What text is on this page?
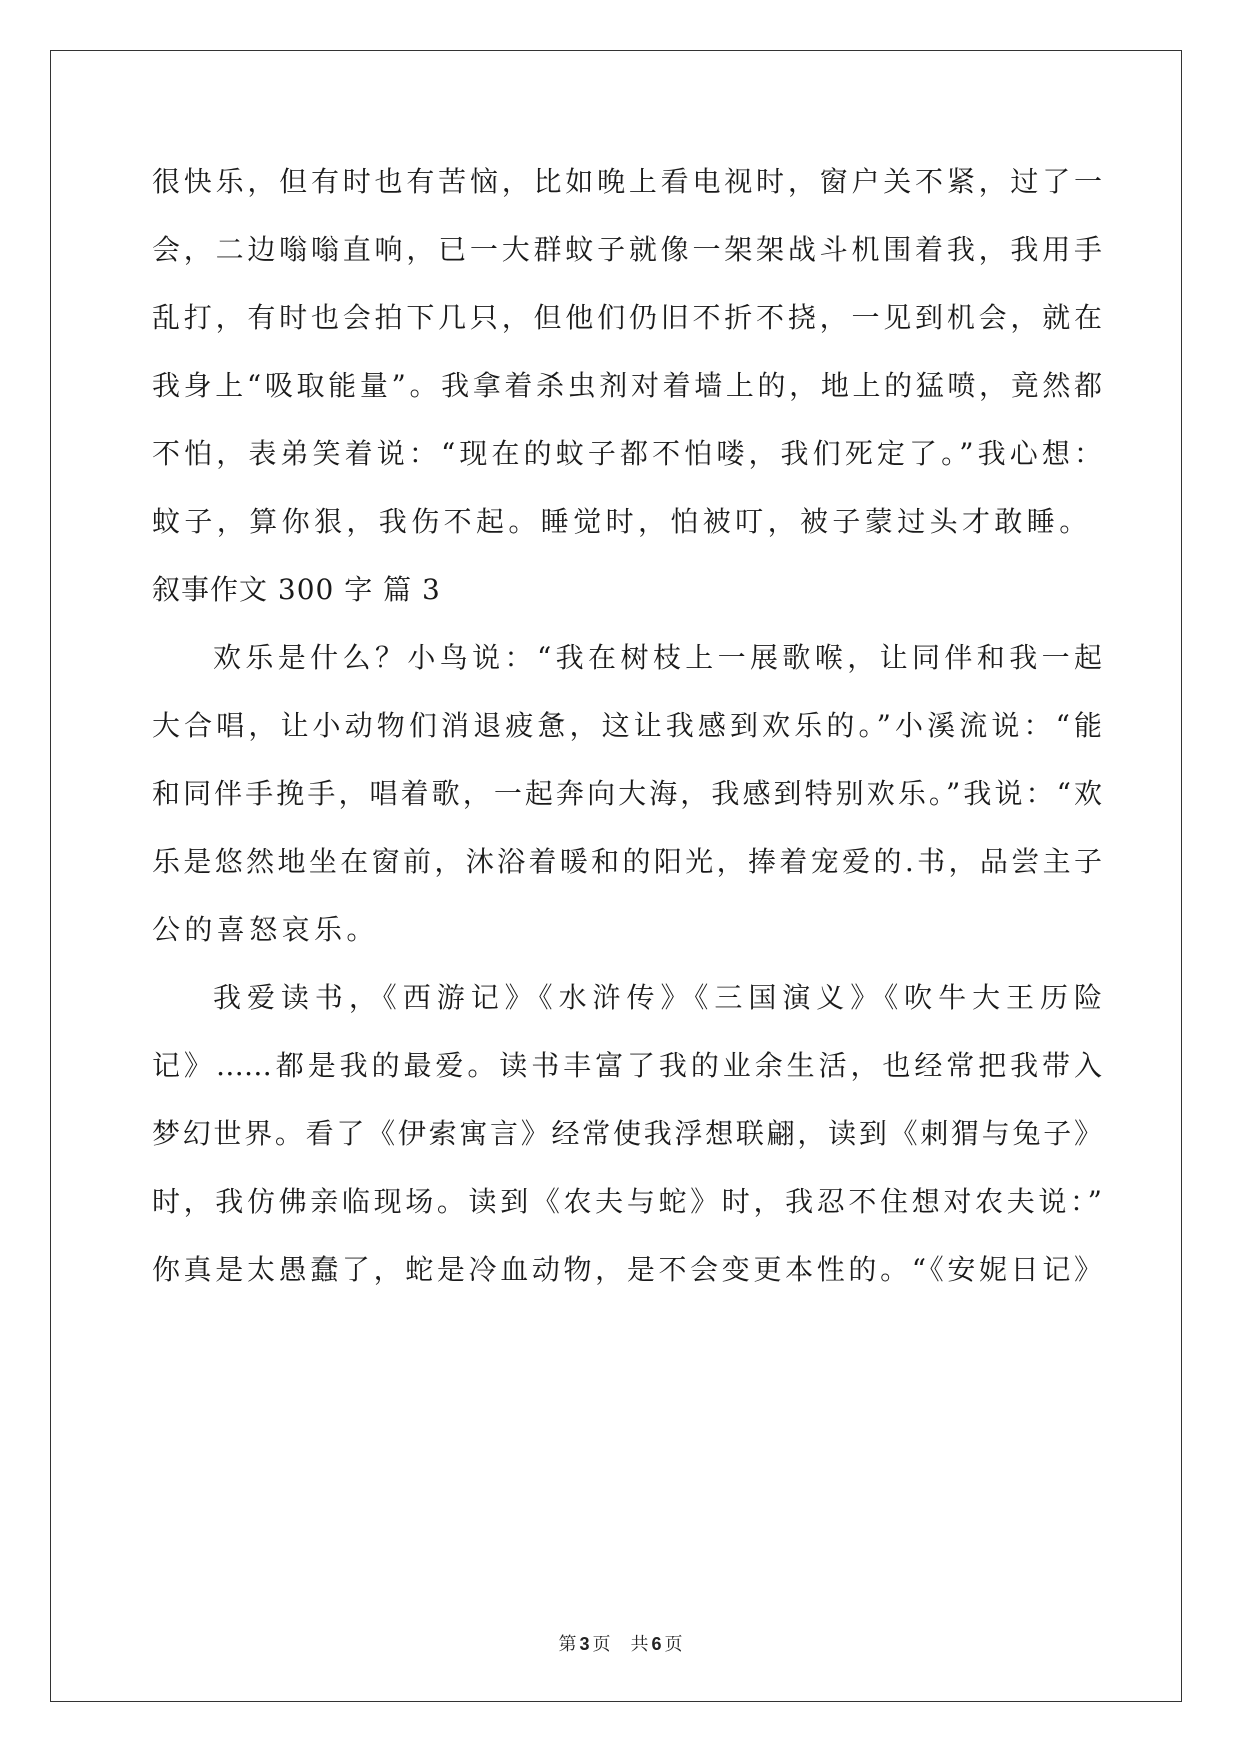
很快乐，但有时也有苦恼，比如晚上看电视时，窗户关不紧，过了一
会，二边嗡嗡直响，已一大群蚊子就像一架架战斗机围着我，我用手
乱打，有时也会拍下几只，但他们仍旧不折不挠，一见到机会，就在
我身上“吸取能量”。我拿着杀虫剂对着墙上的，地上的猛喷，竟然都
不怕，表弟笑着说：“现在的蚊子都不怕喽，我们死定了。”我心想：
蚊子，算你狠，我伤不起。睡觉时，怕被叮，被子蒙过头才敢睡。
叙事作文 300 字 篇 3
欢乐是什么？小鸟说：“我在树枝上一展歌喉，让同伴和我一起
大合唱，让小动物们消退疲惫，这让我感到欢乐的。”小溪流说：“能
和同伴手挽手，唱着歌，一起奔向大海，我感到特别欢乐。”我说：“欢
乐是悠然地坐在窗前，沐浴着暖和的阳光，捧着宠爱的.书，品尝主子
公的喜怒哀乐。
我爱读书，《西游记》《水浒传》《三国演义》《吹牛大王历险
记》……都是我的最爱。读书丰富了我的业余生活，也经常把我带入
梦幻世界。看了《伊索寓言》经常使我浮想联翩，读到《刺猬与兔子》
时，我仿佛亲临现场。读到《农夫与蛇》时，我忍不住想对农夫说：”
你真是太愚蠢了，蛇是冷血动物，是不会变更本性的。“《安妮日记》
第 3 页 共 6 页
